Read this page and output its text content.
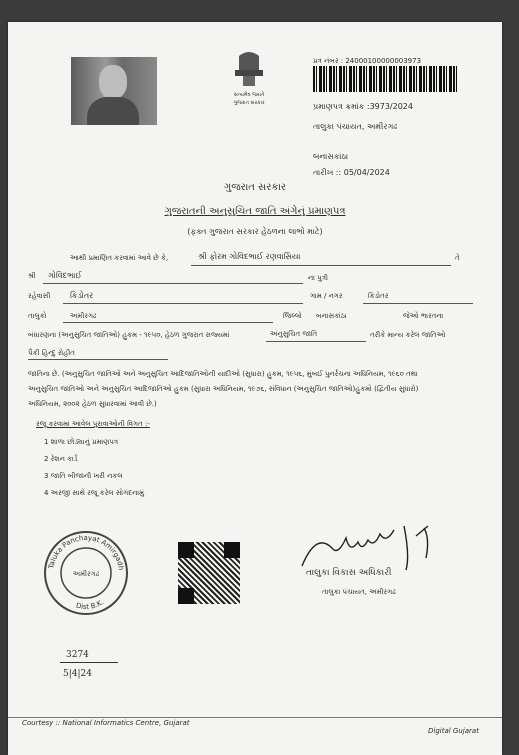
સત્યમેવ જયતે
ગુજરાત સરકાર
પ્રત્ર નંબર : 24000100000003973
પ્રમાણપત્ર ક્રમાંક :3973/2024
તાલુકા પંચાયત, અમીરગઢ
બનાસકાંઠા
તારીખ :: 05/04/2024
ગુજરાત સરકાર
ગુજરાતની અનુસુચિત જાતિ અંગેનું પ્રમાણપત્ર
(ફક્ત ગુજરાત સરકાર હેઠળના લાભો માટે)
આથી પ્રમાણિત કરવામાં આવે છે કે,	શ્રી ફોરમ ગોવિંદભાઈ રણવાસિયા	તે
શ્રી ગોવિંદભાઈ	ના પુત્રી
રહેવાસી કિડોતર	ગામ / નગર	કિડોતર
તાલુકો	અમીરગઢ	જિલ્લો બનાસકાંઠા	જેઓ ભારતના
બંધારણના (અનુસુચિત જાતિઓ) હુકમ - ૧૯૫૦, હેઠળ ગુજરાત રાજ્યમાં	અનુસુચિત જાતિ	તરીકે માન્ય કરેલ જાતિઓ
પૈકી હિન્દુ રોહીત
જાતિના છે. (અનુસુચિત જાતિઓ અને અનુસુચિત આદિજાતિઓની યાદીઓ (સુધારા) હુકમ, ૧૯૫૬, મુંબઈ પુનર્રચના અધિનિયમ, ૧૯૬૦ તથા
અનુસુચિત જાતિઓ અને અનુસુચિત આદિજાતિઓ હુકમ (સુધારા અધિનિયમ, ૧૯૭૬, સંવિધાન (અનુસુચિત જાતિઓ)હુકમો (દ્વિતીય સુધારો)
અધિનિયમ, ૨૦૦૨ હેઠળ સુધારવામાં આવી છે.)
રજૂ કરવામાં આવેલ પુરાવાઓની વિગત :-
1 શાળા છોડ્યાનું પ્રમાણપત્ર
2 રેશન કાર્ડ
3 જાતિ બીજાની ખરી નકલ
4 અરજી સાથે રજૂ કરેલ સોગંદનામું
Taluka Panchayat Amirgadh
અમીરગઢ
Dist B.K.
તાલુકા વિકાસ અધિકારી
તાલુકા પંચાયત, અમીરગઢ
3274
5|4|24
Courtesy :: National Informatics Centre, Gujarat
Digital Gujarat
